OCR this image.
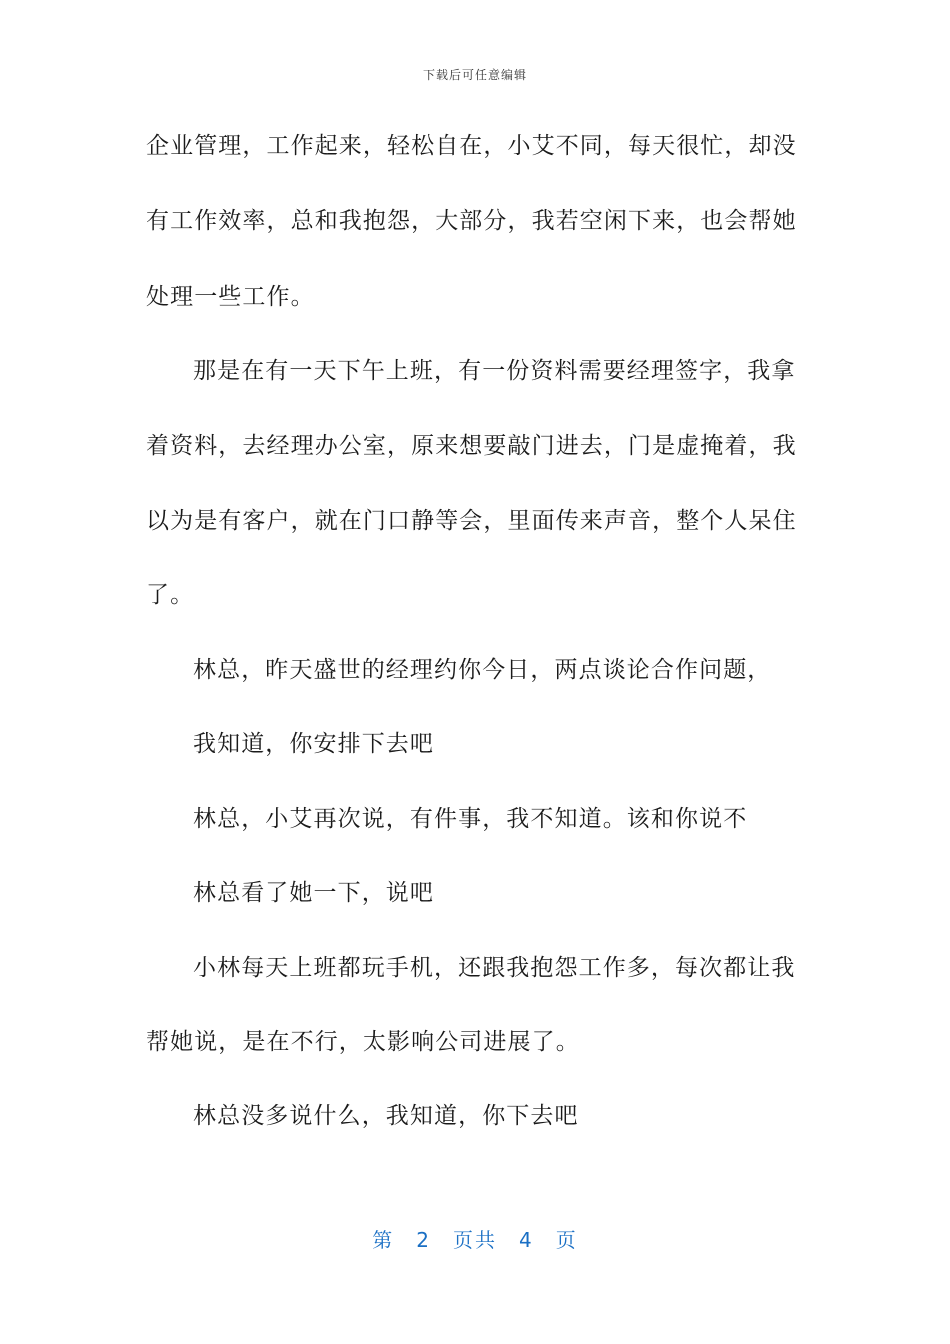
下载后可任意编辑
企业管理，工作起来，轻松自在，小艾不同，每天很忙，却没
有工作效率，总和我抱怨，大部分，我若空闲下来，也会帮她
处理一些工作。
那是在有一天下午上班，有一份资料需要经理签字，我拿
着资料，去经理办公室，原来想要敲门进去，门是虚掩着，我
以为是有客户，就在门口静等会，里面传来声音，整个人呆住
了。
林总，昨天盛世的经理约你今日，两点谈论合作问题，
我知道，你安排下去吧
林总，小艾再次说，有件事，我不知道。该和你说不
林总看了她一下，说吧
小林每天上班都玩手机，还跟我抱怨工作多，每次都让我
帮她说，是在不行，太影响公司进展了。
林总没多说什么，我知道，你下去吧
第 2 页共 4 页
